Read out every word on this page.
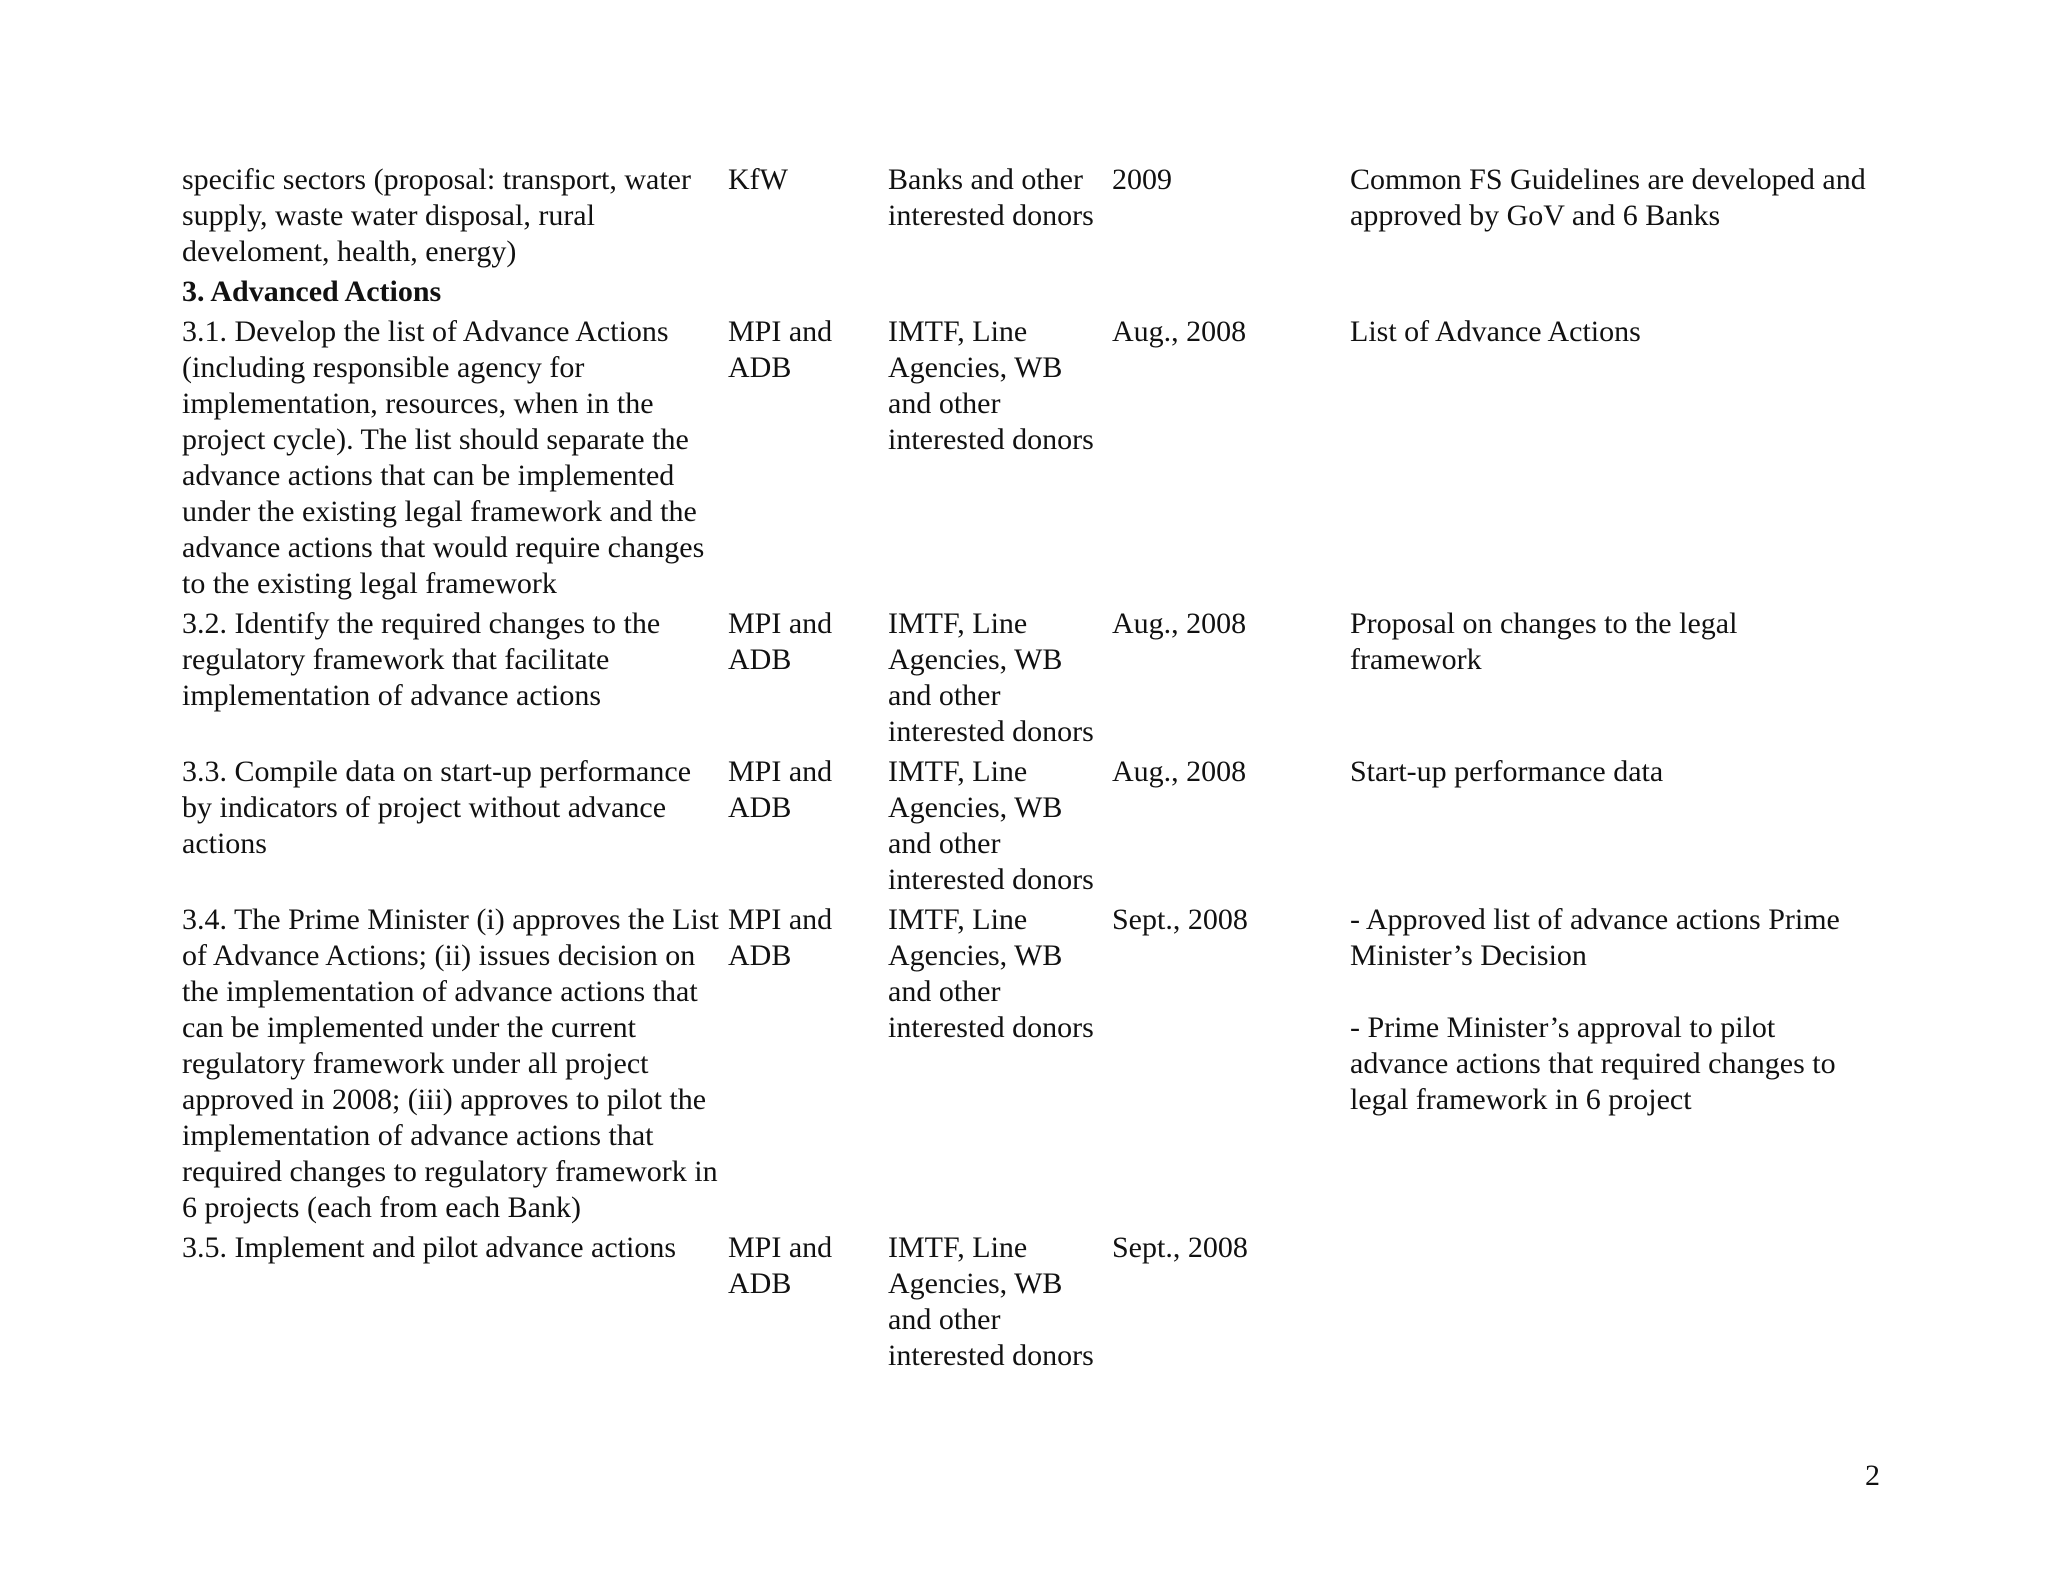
specific sectors (proposal: transport, water supply, waste water disposal, rural develoment, health, energy)	KfW	Banks and other interested donors	2009	Common FS Guidelines are developed and approved by GoV and 6 Banks
3. Advanced Actions				
3.1. Develop the list of Advance Actions (including responsible agency for implementation, resources, when in the project cycle). The list should separate the advance actions that can be implemented under the existing legal framework and the advance actions that would require changes to the existing legal framework	MPI and ADB	IMTF, Line Agencies, WB and other interested donors	Aug., 2008	List of Advance Actions
3.2. Identify the required changes to the regulatory framework that facilitate implementation of advance actions	MPI and ADB	IMTF, Line Agencies, WB and other interested donors	Aug., 2008	Proposal on changes to the legal framework
3.3. Compile data on start-up performance by indicators of project without advance actions	MPI and ADB	IMTF, Line Agencies, WB and other interested donors	Aug., 2008	Start-up performance data
3.4. The Prime Minister (i) approves the List of Advance Actions; (ii) issues decision on the implementation of advance actions that can be implemented under the current regulatory framework under all project approved in 2008; (iii) approves to pilot the implementation of advance actions that required changes to regulatory framework in 6 projects (each from each Bank)	MPI and ADB	IMTF, Line Agencies, WB and other interested donors	Sept., 2008	- Approved list of advance actions Prime Minister’s Decision
- Prime Minister’s approval to pilot advance actions that required changes to legal framework in 6 project

3.5. Implement and pilot advance actions	MPI and ADB	IMTF, Line Agencies, WB and other interested donors	Sept., 2008	
2
